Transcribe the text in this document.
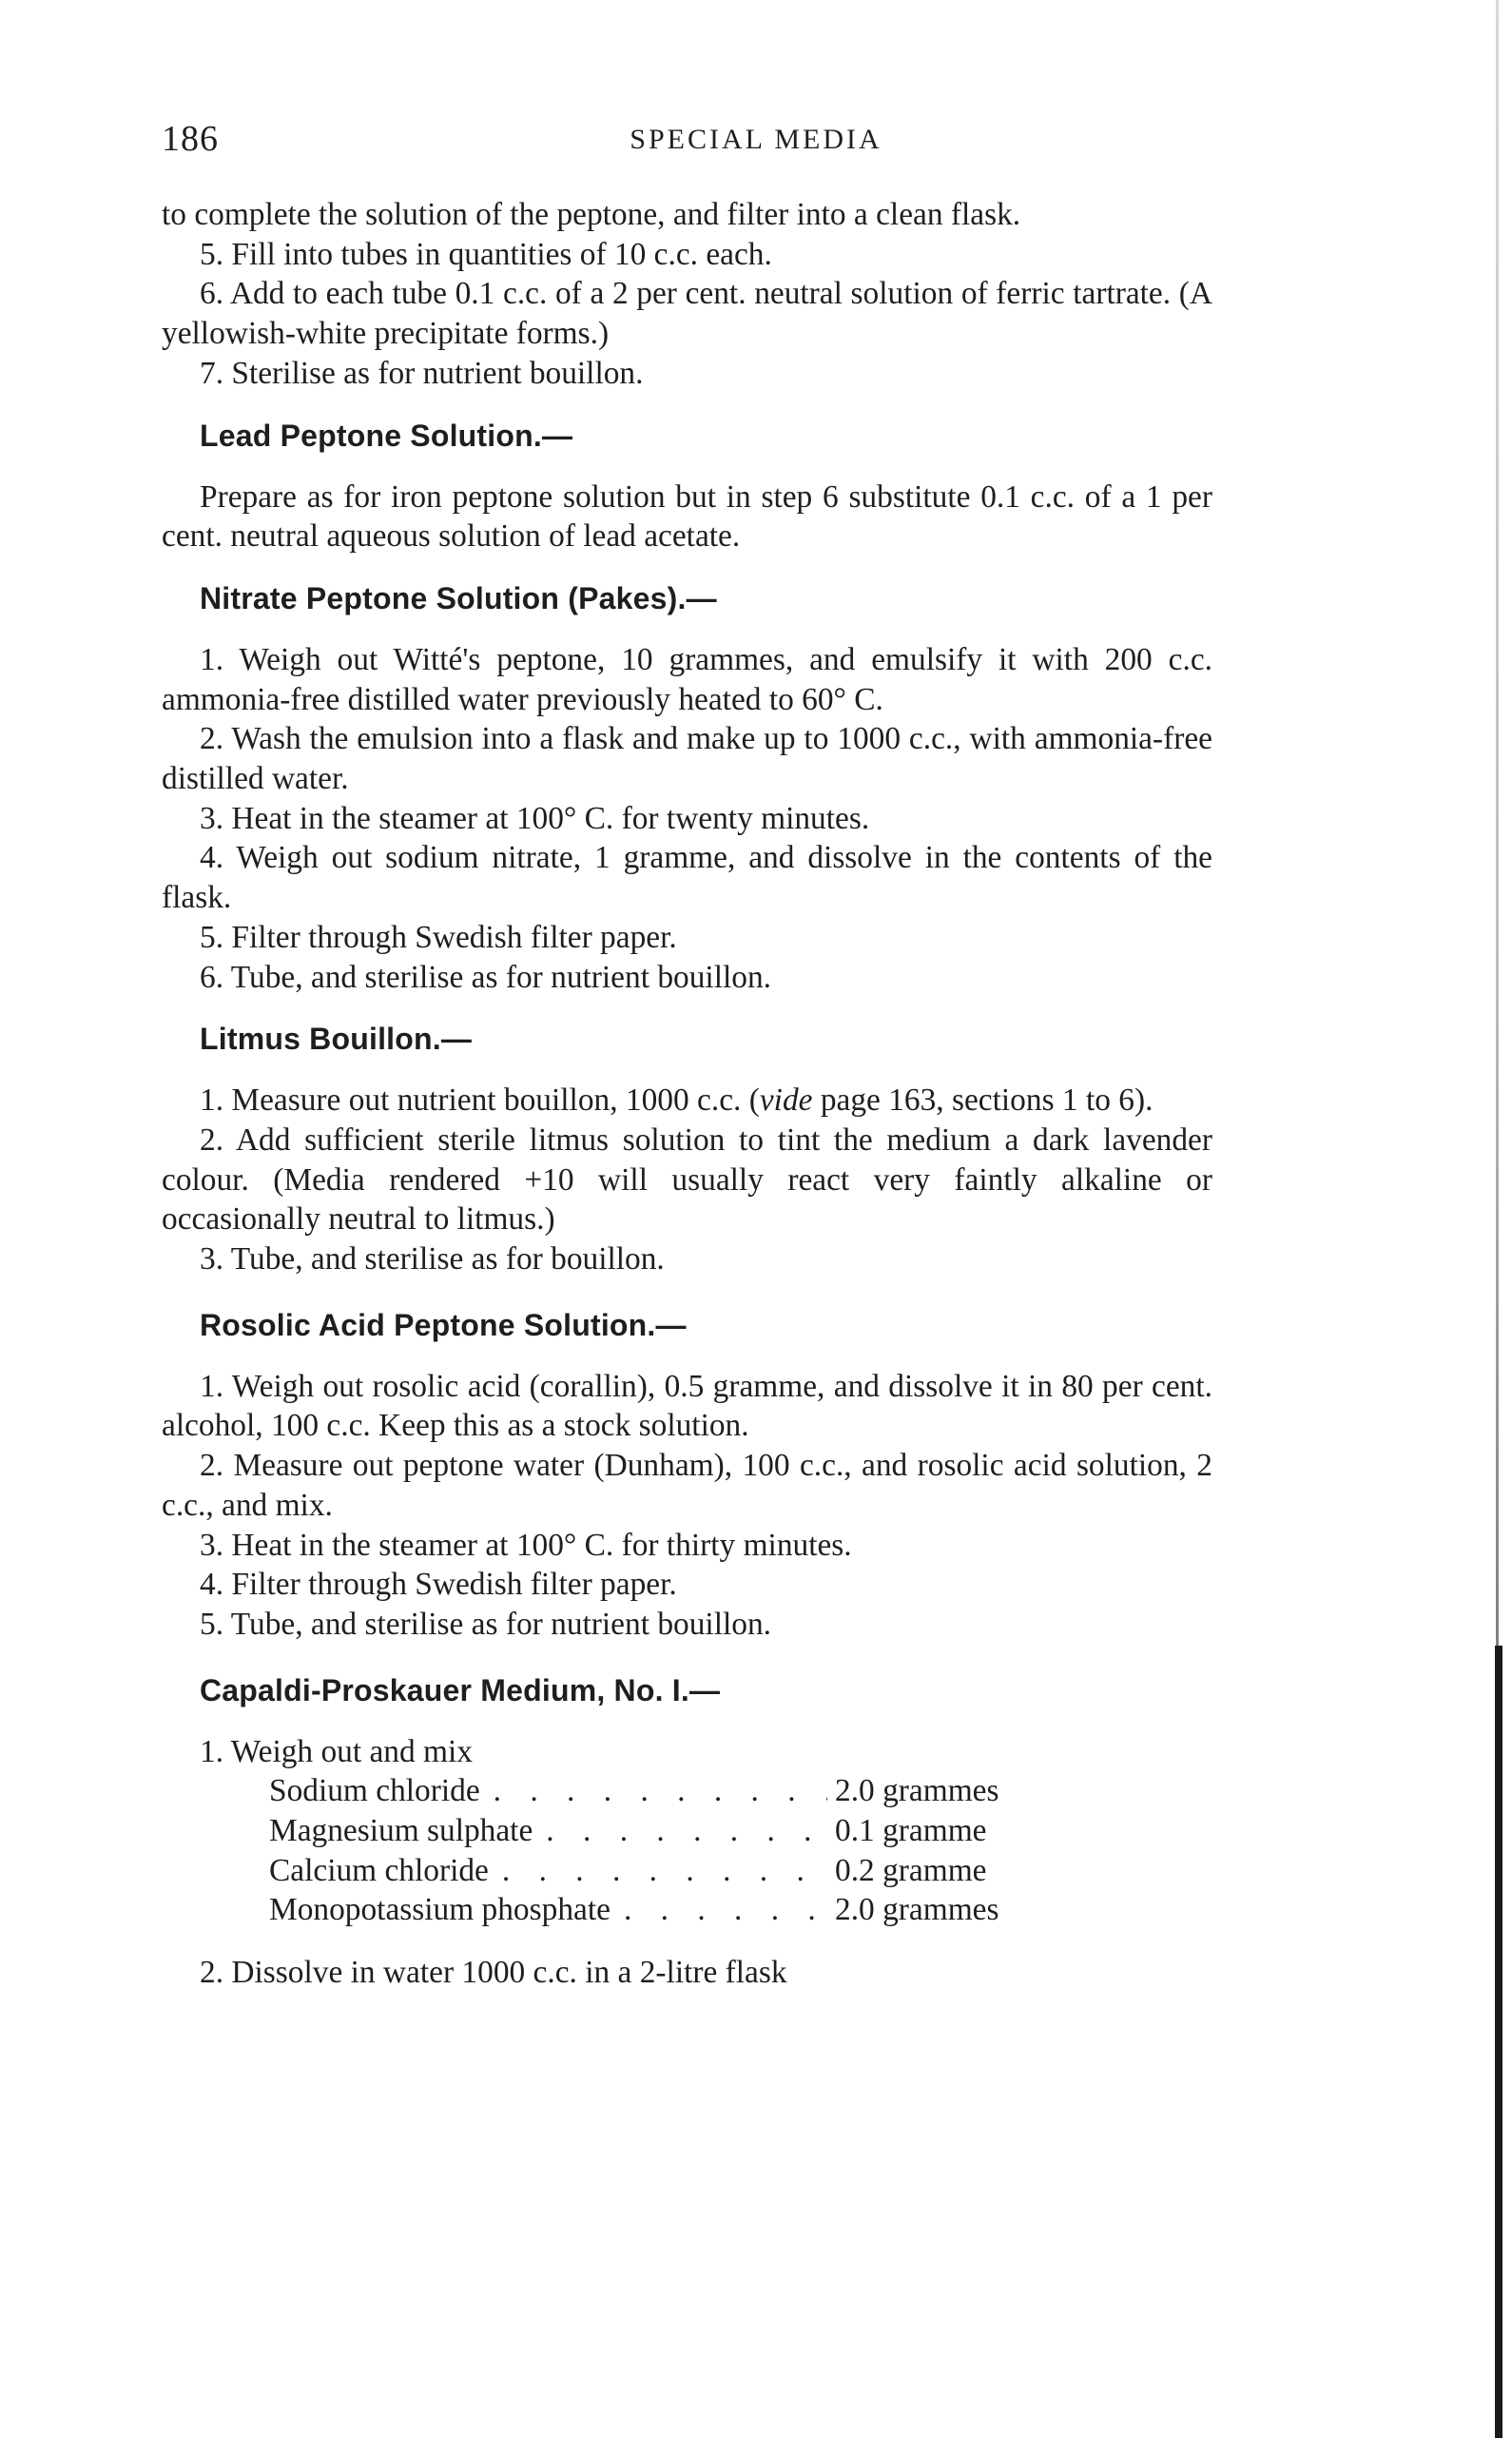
186	SPECIAL MEDIA

to complete the solution of the peptone, and filter into a clean flask.

5. Fill into tubes in quantities of 10 c.c. each.

6. Add to each tube 0.1 c.c. of a 2 per cent. neutral solution of ferric tartrate. (A yellowish-white precipitate forms.)

7. Sterilise as for nutrient bouillon.

Lead Peptone Solution.—

Prepare as for iron peptone solution but in step 6 substitute 0.1 c.c. of a 1 per cent. neutral aqueous solution of lead acetate.

Nitrate Peptone Solution (Pakes).—

1. Weigh out Witté's peptone, 10 grammes, and emulsify it with 200 c.c. ammonia-free distilled water previously heated to 60° C.

2. Wash the emulsion into a flask and make up to 1000 c.c., with ammonia-free distilled water.

3. Heat in the steamer at 100° C. for twenty minutes.

4. Weigh out sodium nitrate, 1 gramme, and dissolve in the contents of the flask.

5. Filter through Swedish filter paper.

6. Tube, and sterilise as for nutrient bouillon.

Litmus Bouillon.—

1. Measure out nutrient bouillon, 1000 c.c. (vide page 163, sections 1 to 6).

2. Add sufficient sterile litmus solution to tint the medium a dark lavender colour. (Media rendered +10 will usually react very faintly alkaline or occasionally neutral to litmus.)

3. Tube, and sterilise as for bouillon.

Rosolic Acid Peptone Solution.—

1. Weigh out rosolic acid (corallin), 0.5 gramme, and dissolve it in 80 per cent. alcohol, 100 c.c. Keep this as a stock solution.

2. Measure out peptone water (Dunham), 100 c.c., and rosolic acid solution, 2 c.c., and mix.

3. Heat in the steamer at 100° C. for thirty minutes.

4. Filter through Swedish filter paper.

5. Tube, and sterilise as for nutrient bouillon.

Capaldi-Proskauer Medium, No. I.—

1. Weigh out and mix

Sodium chloride . . .	2.0 grammes
Magnesium sulphate . . .	0.1 gramme
Calcium chloride . . .	0.2 gramme
Monopotassium phosphate . . .	2.0 grammes

2. Dissolve in water 1000 c.c. in a 2-litre flask
